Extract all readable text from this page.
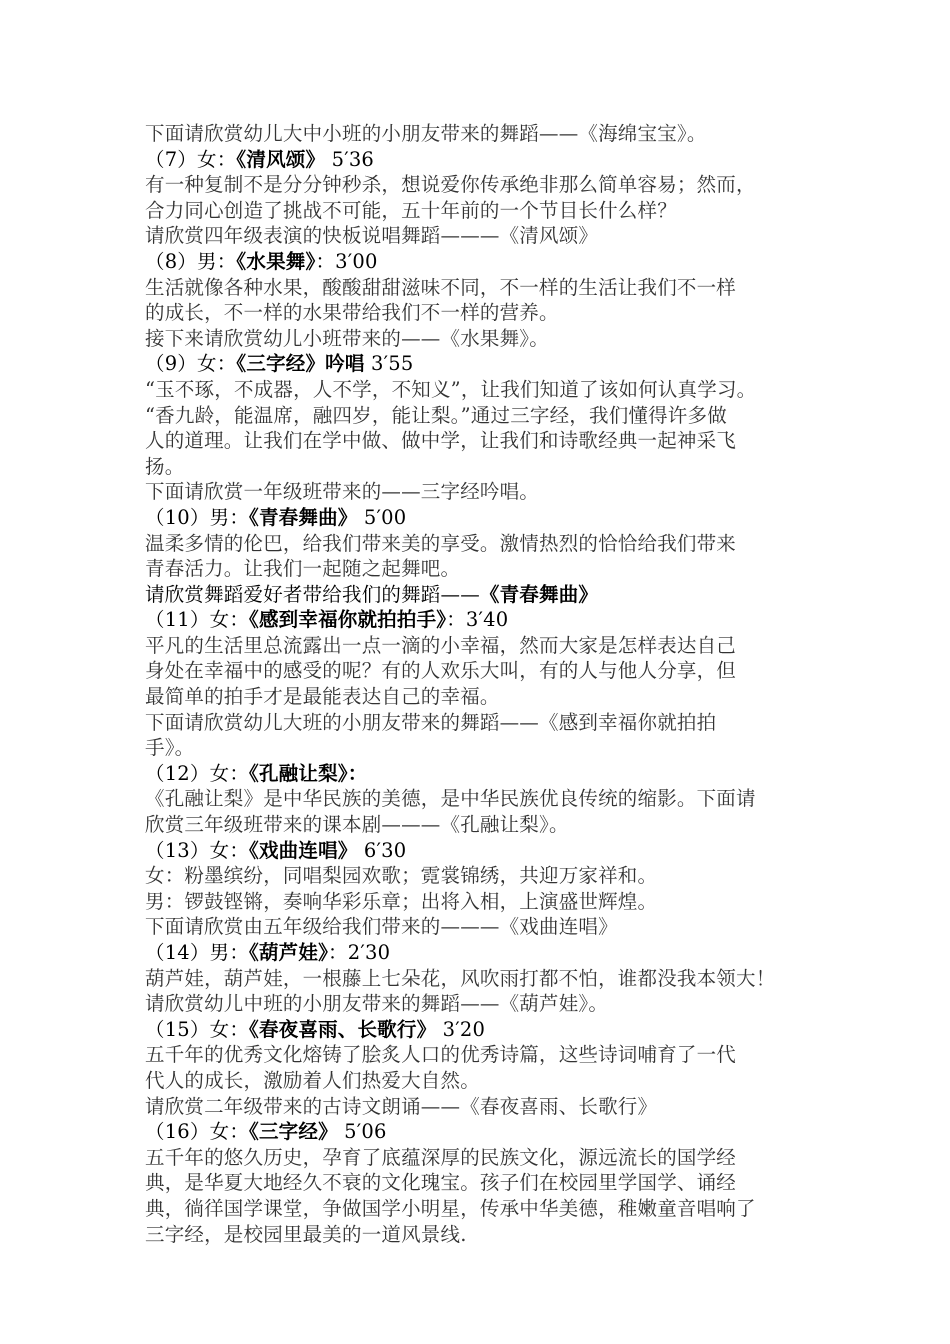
下面请欣赏幼儿大中小班的小朋友带来的舞蹈——《海绵宝宝》。
（7）女：《清风颂》 5′36
有一种复制不是分分钟秒杀，想说爱你传承绝非那么简单容易；然而，
合力同心创造了挑战不可能，五十年前的一个节目长什么样？
请欣赏四年级表演的快板说唱舞蹈———《清风颂》
（8）男：《水果舞》：3′00
生活就像各种水果，酸酸甜甜滋味不同，不一样的生活让我们不一样
的成长，不一样的水果带给我们不一样的营养。
接下来请欣赏幼儿小班带来的——《水果舞》。
（9）女：《三字经》吟唱 3′55
“玉不琢，不成器，人不学，不知义”，让我们知道了该如何认真学习。
“香九龄，能温席，融四岁，能让梨。”通过三字经，我们懂得许多做
人的道理。让我们在学中做、做中学，让我们和诗歌经典一起神采飞
扬。
下面请欣赏一年级班带来的——三字经吟唱。
（10）男：《青春舞曲》 5′00
温柔多情的伦巴，给我们带来美的享受。激情热烈的恰恰给我们带来
青春活力。让我们一起随之起舞吧。
请欣赏舞蹈爱好者带给我们的舞蹈——《青春舞曲》
（11）女：《感到幸福你就拍拍手》：3′40
平凡的生活里总流露出一点一滴的小幸福，然而大家是怎样表达自己
身处在幸福中的感受的呢？有的人欢乐大叫，有的人与他人分享，但
最简单的拍手才是最能表达自己的幸福。
下面请欣赏幼儿大班的小朋友带来的舞蹈——《感到幸福你就拍拍
手》。
（12）女：《孔融让梨》：
《孔融让梨》是中华民族的美德，是中华民族优良传统的缩影。下面请
欣赏三年级班带来的课本剧———《孔融让梨》。
（13）女：《戏曲连唱》 6′30
女：粉墨缤纷，同唱梨园欢歌；霓裳锦绣，共迎万家祥和。
男：锣鼓铿锵，奏响华彩乐章；出将入相，上演盛世辉煌。
下面请欣赏由五年级给我们带来的———《戏曲连唱》
（14）男：《葫芦娃》：2′30
葫芦娃，葫芦娃，一根藤上七朵花，风吹雨打都不怕，谁都没我本领大！
请欣赏幼儿中班的小朋友带来的舞蹈——《葫芦娃》。
（15）女：《春夜喜雨、长歌行》 3′20
五千年的优秀文化熔铸了脍炙人口的优秀诗篇，这些诗词哺育了一代
代人的成长，激励着人们热爱大自然。
请欣赏二年级带来的古诗文朗诵——《春夜喜雨、长歌行》
（16）女：《三字经》 5′06
五千年的悠久历史，孕育了底蕴深厚的民族文化，源远流长的国学经
典，是华夏大地经久不衰的文化瑰宝。孩子们在校园里学国学、诵经
典，徜徉国学课堂，争做国学小明星，传承中华美德，稚嫩童音唱响了
三字经，是校园里最美的一道风景线.
